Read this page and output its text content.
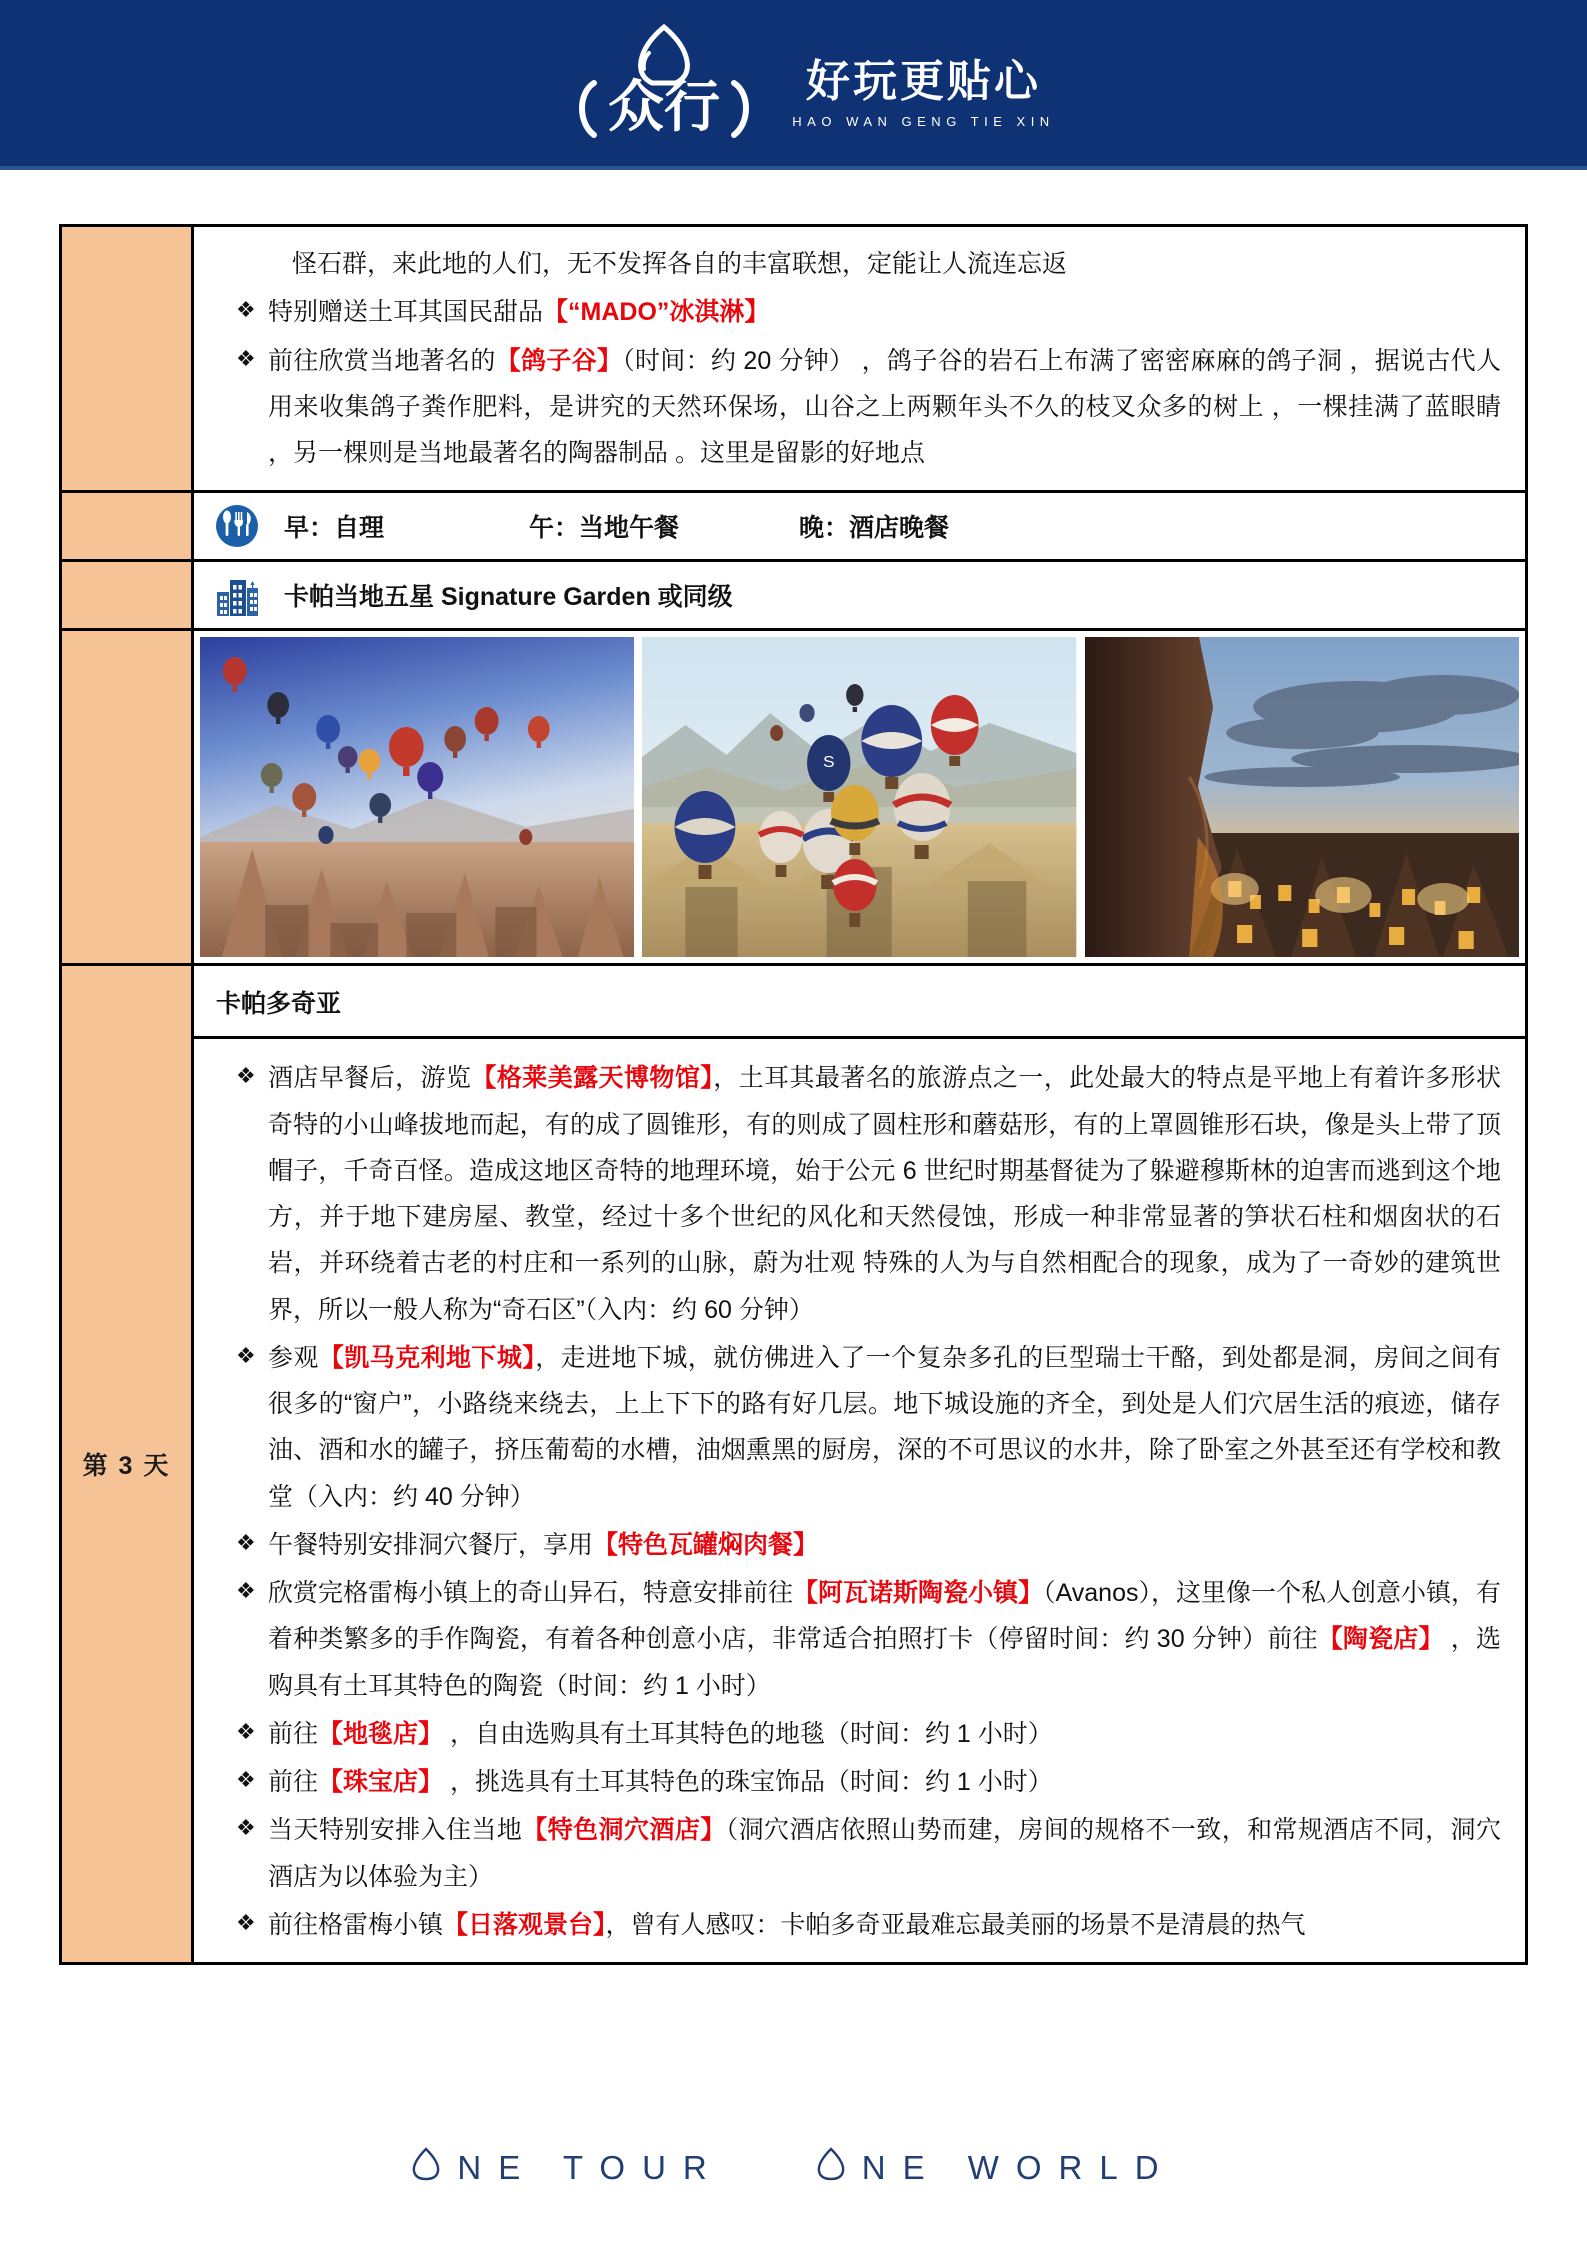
众行 好玩更贴心
HAO WAN GENG TIE XIN

	怪石群，来此地的人们，无不发挥各自的丰富联想，定能让人流连忘返
❖ 特别赠送土耳其国民甜品【“MADO”冰淇淋】
❖ 前往欣赏当地著名的【鸽子谷】（时间：约 20 分钟） ，鸽子谷的岩石上布满了密密麻麻的鸽子洞 ，据说古代人用来收集鸽子粪作肥料，是讲究的天然环保场，山谷之上两颗年头不久的枝叉众多的树上 ，一棵挂满了蓝眼睛 ，另一棵则是当地最著名的陶器制品 。这里是留影的好地点

	早：自理 午：当地午餐 晚：酒店晚餐

	卡帕当地五星 Signature Garden 或同级

S

第 3 天	卡帕多奇亚

❖ 酒店早餐后，游览【格莱美露天博物馆】，土耳其最著名的旅游点之一，此处最大的特点是平地上有着许多形状奇特的小山峰拔地而起，有的成了圆锥形，有的则成了圆柱形和蘑菇形，有的上罩圆锥形石块，像是头上带了顶帽子，千奇百怪。造成这地区奇特的地理环境，始于公元 6 世纪时期基督徒为了躲避穆斯林的迫害而逃到这个地方，并于地下建房屋、教堂，经过十多个世纪的风化和天然侵蚀，形成一种非常显著的笋状石柱和烟囱状的石岩，并环绕着古老的村庄和一系列的山脉，蔚为壮观 特殊的人为与自然相配合的现象，成为了一奇妙的建筑世界，所以一般人称为“奇石区”（入内：约 60 分钟）
❖ 参观【凯马克利地下城】，走进地下城，就仿佛进入了一个复杂多孔的巨型瑞士干酪，到处都是洞，房间之间有很多的“窗户”，小路绕来绕去，上上下下的路有好几层。地下城设施的齐全，到处是人们穴居生活的痕迹，储存油、酒和水的罐子，挤压葡萄的水槽，油烟熏黑的厨房，深的不可思议的水井，除了卧室之外甚至还有学校和教堂（入内：约 40 分钟）
❖ 午餐特别安排洞穴餐厅，享用【特色瓦罐焖肉餐】
❖ 欣赏完格雷梅小镇上的奇山异石，特意安排前往【阿瓦诺斯陶瓷小镇】（Avanos），这里像一个私人创意小镇，有着种类繁多的手作陶瓷，有着各种创意小店，非常适合拍照打卡（停留时间：约 30 分钟）前往【陶瓷店】 ，选购具有土耳其特色的陶瓷（时间：约 1 小时）
❖ 前往【地毯店】 ，自由选购具有土耳其特色的地毯（时间：约 1 小时）
❖ 前往【珠宝店】 ，挑选具有土耳其特色的珠宝饰品（时间：约 1 小时）
❖ 当天特别安排入住当地【特色洞穴酒店】（洞穴酒店依照山势而建，房间的规格不一致，和常规酒店不同，洞穴酒店为以体验为主）
❖ 前往格雷梅小镇【日落观景台】，曾有人感叹：卡帕多奇亚最难忘最美丽的场景不是清晨的热气
NE TOUR	NE WORLD
